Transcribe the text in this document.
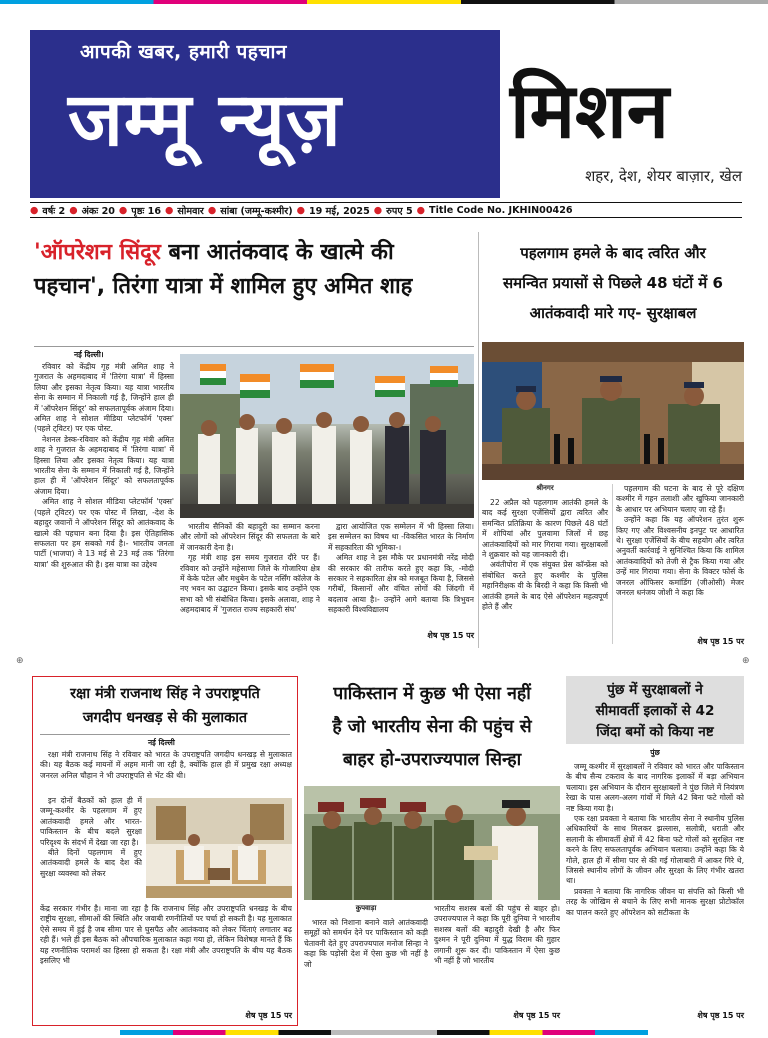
आपकी खबर, हमारी पहचान
जम्मू न्यूज़	मिशन
शहर, देश, शेयर बाज़ार, खेल
● वर्षः 2 ● अंकः 20 ● पृष्ठः 16 ● सोमवार ● सांबा (जम्मू-कश्मीर) ● 19 मई, 2025 ● रुपए 5 ● Title Code No. JKHIN00426
'ऑपरेशन सिंदूर बना आतंकवाद के खात्मे की
पहचान', तिरंगा यात्रा में शामिल हुए अमित शाह
नई दिल्ली।

रविवार को केंद्रीय गृह मंत्री अमित शाह ने गुजरात के अहमदाबाद में 'तिरंगा यात्रा' में हिस्सा लिया और इसका नेतृत्व किया। यह यात्रा भारतीय सेना के सम्मान में निकाली गई है, जिन्होंने हाल ही में 'ऑपरेशन सिंदूर' को सफलतापूर्वक अंजाम दिया। अमित शाह ने सोशल मीडिया प्लेटफॉर्म 'एक्स' (पहले ट्विटर) पर एक पोस्ट.

नेशनल डेस्क-रविवार को केंद्रीय गृह मंत्री अमित शाह ने गुजरात के अहमदाबाद में 'तिरंगा यात्रा' में हिस्सा लिया और इसका नेतृत्व किया। यह यात्रा भारतीय सेना के सम्मान में निकाली गई है, जिन्होंने हाल ही में 'ऑपरेशन सिंदूर' को सफलतापूर्वक अंजाम दिया।

अमित शाह ने सोशल मीडिया प्लेटफॉर्म 'एक्स' (पहले ट्विटर) पर एक पोस्ट में लिखा, -देश के बहादुर जवानों ने ऑपरेशन सिंदूर को आतंकवाद के खात्मे की पहचान बना दिया है। इस ऐतिहासिक सफलता पर हम सबको गर्व है।- भारतीय जनता पार्टी (भाजपा) ने 13 मई से 23 मई तक 'तिरंगा यात्रा' की शुरुआत की है। इस यात्रा का उद्देश्य

भारतीय सैनिकों की बहादुरी का सम्मान करना और लोगों को ऑपरेशन सिंदूर की सफलता के बारे में जानकारी देना है।

गृह मंत्री शाह इस समय गुजरात दौरे पर हैं। रविवार को उन्होंने महेसाणा जिले के गोजारिया क्षेत्र में केके पटेल और मथुबेन के पटेल नर्सिंग कॉलेज के नए भवन का उद्घाटन किया। इसके बाद उन्होंने एक सभा को भी संबोधित किया। इसके अलावा, शाह ने अहमदाबाद में 'गुजरात राज्य सहकारी संघ'

द्वारा आयोजित एक सम्मेलन में भी हिस्सा लिया। इस सम्मेलन का विषय था -विकसित भारत के निर्माण में सहकारिता की भूमिका-।

अमित शाह ने इस मौके पर प्रधानमंत्री नरेंद्र मोदी की सरकार की तारीफ करते हुए कहा कि, -मोदी सरकार ने सहकारिता क्षेत्र को मजबूत किया है, जिससे गरीबों, किसानों और वंचित लोगों की जिंदगी में बदलाव आया है।- उन्होंने आगे बताया कि त्रिभुवन सहकारी विश्वविद्यालय

शेष पृष्ठ 15 पर
पहलगाम हमले के बाद त्वरित और
समन्वित प्रयासों से पिछले 48 घंटों में 6
आतंकवादी मारे गए- सुरक्षाबल
श्रीनगर

22 अप्रैल को पहलगाम आतंकी हमले के बाद कई सुरक्षा एजेंसियों द्वारा त्वरित और समन्वित प्रतिक्रिया के कारण पिछले 48 घंटों में शोपियां और पुलवामा जिलों में छह आतंकवादियों को मार गिराया गया। सुरक्षाबलों ने शुक्रवार को यह जानकारी दी।

अवंतीपोरा में एक संयुक्त प्रेस कॉन्फ्रेंस को संबोधित करते हुए कश्मीर के पुलिस महानिरीक्षक वी के बिरदी ने कहा कि किसी भी आतंकी हमले के बाद ऐसे ऑपरेशन महत्वपूर्ण होते हैं और

पहलगाम की घटना के बाद से पूरे दक्षिण कश्मीर में गहन तलाशी और खुफिया जानकारी के आधार पर अभियान चलाए जा रहे हैं।

उन्होंने कहा कि यह ऑपरेशन तुरंत शुरू किए गए और विश्वसनीय इनपुट पर आधारित थे। सुरक्षा एजेंसियों के बीच सहयोग और त्वरित अनुवर्ती कार्रवाई ने सुनिश्चित किया कि शामिल आतंकवादियों को तेजी से ट्रैक किया गया और उन्हें मार गिराया गया। सेना के विक्टर फोर्स के जनरल ऑफिसर कमांडिंग (जीओसी) मेजर जनरल धनंजय जोशी ने कहा कि

शेष पृष्ठ 15 पर
⊕	⊕
रक्षा मंत्री राजनाथ सिंह ने उपराष्ट्रपति
जगदीप धनखड़ से की मुलाकात
नई दिल्ली
रक्षा मंत्री राजनाथ सिंह ने रविवार को भारत के उपराष्ट्रपति जगदीप धनखड़ से मुलाकात की। यह बैठक कई मायनों में अहम मानी जा रही है, क्योंकि हाल ही में प्रमुख रक्षा अध्यक्ष जनरल अनिल चौहान ने भी उपराष्ट्रपति से भेंट की थी।

इन दोनों बैठकों को हाल ही में जम्मू-कश्मीर के पहलगाम में हुए आतंकवादी हमले और भारत-पाकिस्तान के बीच बदले सुरक्षा परिदृश्य के संदर्भ में देखा जा रहा है।

बीते दिनों पहलगाम में हुए आतंकवादी हमले के बाद देश की सुरक्षा व्यवस्था को लेकर

केंद्र सरकार गंभीर है। माना जा रहा है कि राजनाथ सिंह और उपराष्ट्रपति धनखड़ के बीच राष्ट्रीय सुरक्षा, सीमाओं की स्थिति और जवाबी रणनीतियों पर चर्चा हो सकती है। यह मुलाकात ऐसे समय में हुई है जब सीमा पार से घुसपैठ और आतंकवाद को लेकर चिंताएं लगातार बढ़ रही हैं। भले ही इस बैठक को औपचारिक मुलाकात कहा गया हो, लेकिन विशेषज्ञ मानते हैं कि यह रणनीतिक परामर्श का हिस्सा हो सकता है। रक्षा मंत्री और उपराष्ट्रपति के बीच यह बैठक इसलिए भी
शेष पृष्ठ 15 पर
पाकिस्तान में कुछ भी ऐसा नहीं
है जो भारतीय सेना की पहुंच से
बाहर हो-उपराज्यपाल सिन्हा
कुपवाड़ा
भारत को निशाना बनाने वाले आतंकवादी समूहों को समर्थन देने पर पाकिस्तान को कड़ी चेतावनी देते हुए उपराज्यपाल मनोज सिन्हा ने कहा कि पड़ोसी देश में ऐसा कुछ भी नहीं है जो
भारतीय सशस्त्र बलों की पहुंच से बाहर हो। उपराज्यपाल ने कहा कि पूरी दुनिया ने भारतीय सशस्त्र बलों की बहादुरी देखी है और फिर दुश्मन ने पूरी दुनिया में युद्ध विराम की गुहार लगानी शुरू कर दी। पाकिस्तान में ऐसा कुछ भी नहीं है जो भारतीय
शेष पृष्ठ 15 पर
पुंछ में सुरक्षाबलों ने
सीमावर्ती इलाकों से 42
जिंदा बमों को किया नष्ट
पुंछ

जम्मू कश्मीर में सुरक्षाबलों ने रविवार को भारत और पाकिस्तान के बीच सैन्य टकराव के बाद नागरिक इलाकों में बड़ा अभियान चलाया। इस अभियान के दौरान सुरक्षाबलों ने पुंछ जिले में नियंत्रण रेखा के पास अलग-अलग गांवों में मिले 42 बिना फटे गोलों को नष्ट किया गया है।

एक रक्षा प्रवक्ता ने बताया कि भारतीय सेना ने स्थानीय पुलिस अधिकारियों के साथ मिलकर झल्लास, सलोत्री, धराती और सलानी के सीमावर्ती क्षेत्रों में 42 बिना फटे गोलों को सुरक्षित नष्ट करने के लिए सफलतापूर्वक अभियान चलाया। उन्होंने कहा कि ये गोले, हाल ही में सीमा पार से की गई गोलाबारी में आकर गिरे थे, जिससे स्थानीय लोगों के जीवन और सुरक्षा के लिए गंभीर खतरा था।

प्रवक्ता ने बताया कि नागरिक जीवन या संपत्ति को किसी भी तरह के जोखिम से बचाने के लिए सभी मानक सुरक्षा प्रोटोकॉल का पालन करते हुए ऑपरेशन को सटीकता के

शेष पृष्ठ 15 पर
